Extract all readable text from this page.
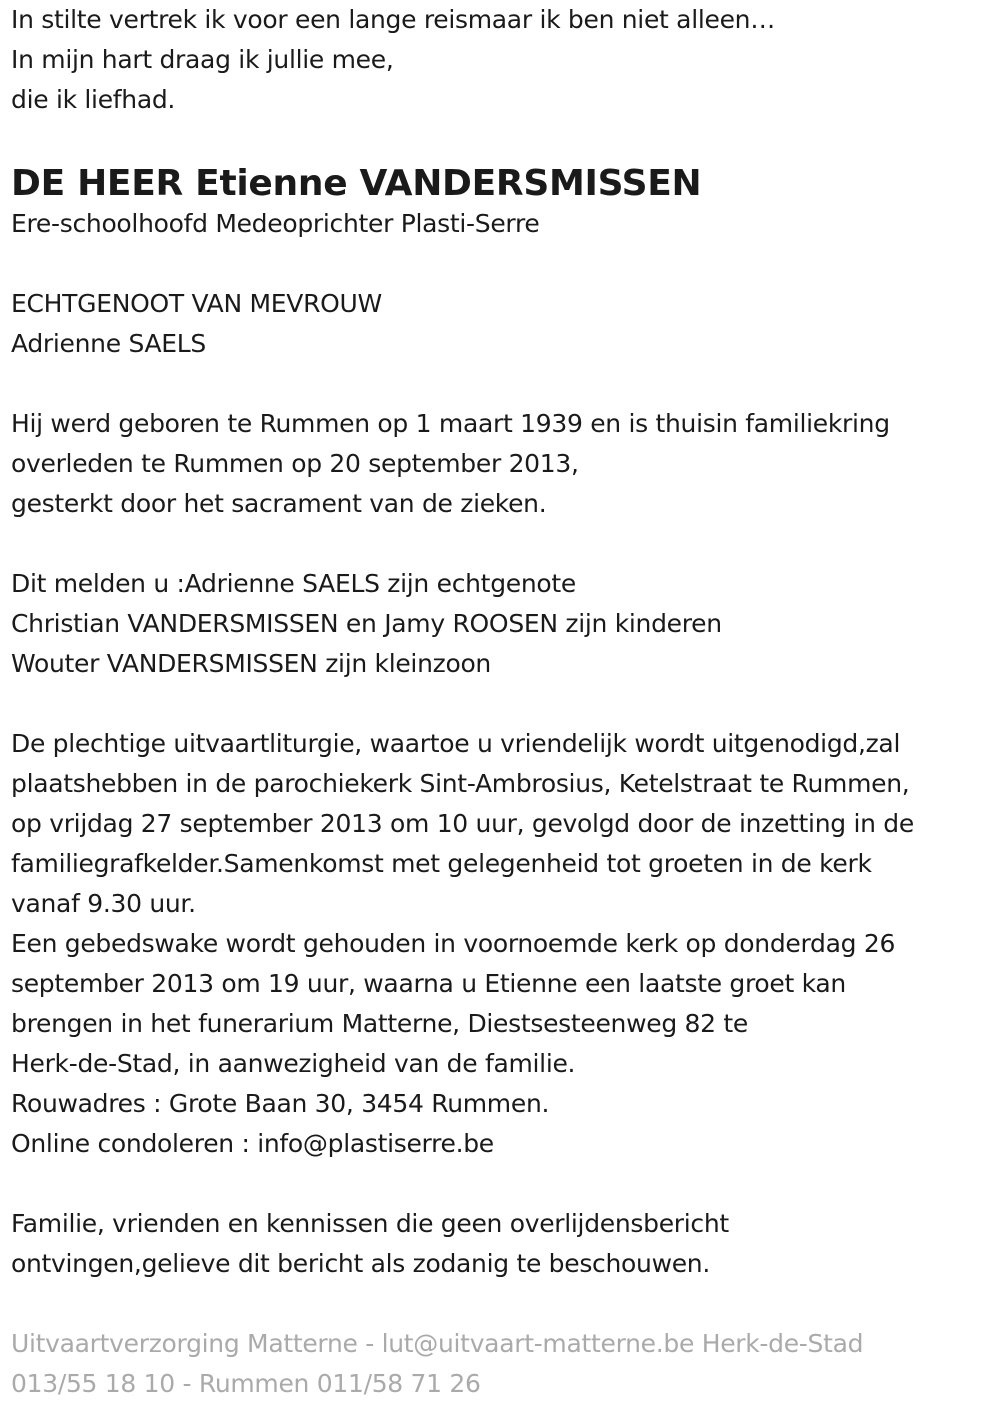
In stilte vertrek ik voor een lange reismaar ik ben niet alleen…
In mijn hart draag ik jullie mee,
die ik liefhad.
DE HEER Etienne VANDERSMISSEN
Ere-schoolhoofd Medeoprichter Plasti-Serre
ECHTGENOOT VAN MEVROUW
Adrienne SAELS
Hij werd geboren te Rummen op 1 maart 1939 en is thuisin familiekring
overleden te Rummen op 20 september 2013,
gesterkt door het sacrament van de zieken.
Dit melden u :Adrienne SAELS zijn echtgenote
Christian VANDERSMISSEN en Jamy ROOSEN zijn kinderen
Wouter VANDERSMISSEN zijn kleinzoon
De plechtige uitvaartliturgie, waartoe u vriendelijk wordt uitgenodigd,zal
plaatshebben in de parochiekerk Sint-Ambrosius, Ketelstraat te Rummen,
op vrijdag 27 september 2013 om 10 uur, gevolgd door de inzetting in de
familiegrafkelder.Samenkomst met gelegenheid tot groeten in de kerk
vanaf 9.30 uur.
Een gebedswake wordt gehouden in voornoemde kerk op donderdag 26
september 2013 om 19 uur, waarna u Etienne een laatste groet kan
brengen in het funerarium Matterne, Diestsesteenweg 82 te
Herk-de-Stad, in aanwezigheid van de familie.
Rouwadres : Grote Baan 30, 3454 Rummen.
Online condoleren : info@plastiserre.be
Familie, vrienden en kennissen die geen overlijdensbericht
ontvingen,gelieve dit bericht als zodanig te beschouwen.
Uitvaartverzorging Matterne - lut@uitvaart-matterne.be Herk-de-Stad
013/55 18 10 - Rummen 011/58 71 26
